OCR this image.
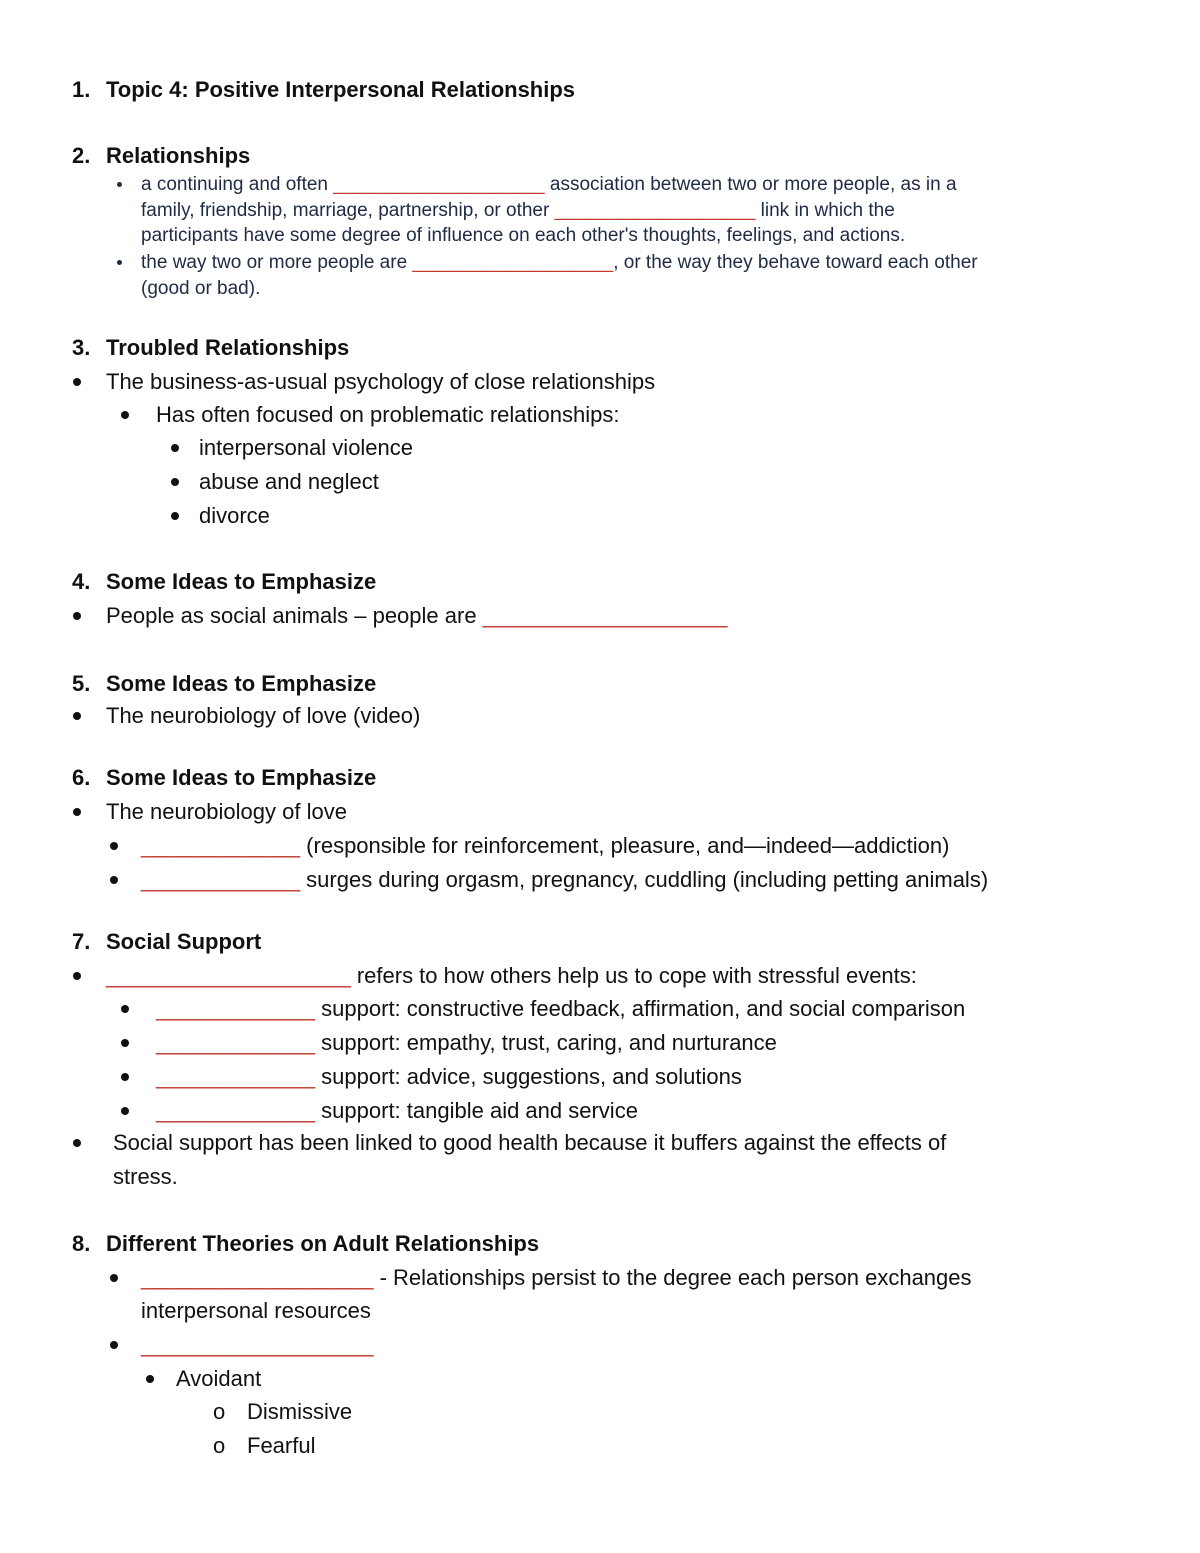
1. Topic 4: Positive Interpersonal Relationships
2. Relationships
a continuing and often ____________________ association between two or more people, as in a
family, friendship, marriage, partnership, or other ___________________ link in which the
participants have some degree of influence on each other's thoughts, feelings, and actions.
the way two or more people are ___________________, or the way they behave toward each other
(good or bad).
3. Troubled Relationships
The business-as-usual psychology of close relationships
Has often focused on problematic relationships:
interpersonal violence
abuse and neglect
divorce
4. Some Ideas to Emphasize
People as social animals – people are ____________________
5. Some Ideas to Emphasize
The neurobiology of love (video)
6. Some Ideas to Emphasize
The neurobiology of love
_____________ (responsible for reinforcement, pleasure, and—indeed—addiction)
_____________ surges during orgasm, pregnancy, cuddling (including petting animals)
7. Social Support
____________________ refers to how others help us to cope with stressful events:
_____________ support: constructive feedback, affirmation, and social comparison
_____________ support: empathy, trust, caring, and nurturance
_____________ support: advice, suggestions, and solutions
_____________ support: tangible aid and service
Social support has been linked to good health because it buffers against the effects of
stress.
8. Different Theories on Adult Relationships
___________________ - Relationships persist to the degree each person exchanges
interpersonal resources
___________________
Avoidant
o Dismissive
o Fearful
